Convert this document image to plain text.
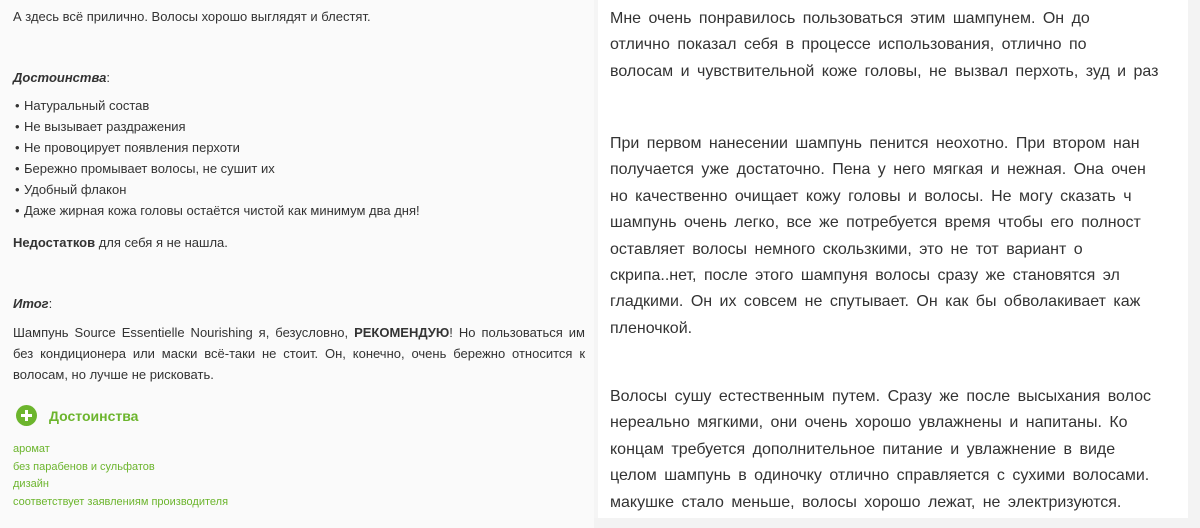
А здесь всё прилично. Волосы хорошо выглядят и блестят.

Достоинства:

• Натуральный состав
• Не вызывает раздражения
• Не провоцирует появления перхоти
• Бережно промывает волосы, не сушит их
• Удобный флакон
• Даже жирная кожа головы остаётся чистой как минимум два дня!

Недостатков для себя я не нашла.

Итог:

Шампунь Source Essentielle Nourishing я, безусловно, РЕКОМЕНДУЮ! Но пользоваться им без кондиционера или маски всё-таки не стоит. Он, конечно, очень бережно относится к волосам, но лучше не рисковать.

Достоинства
аромат
без парабенов и сульфатов
дизайн
соответствует заявлениям производителя

Мне очень понравилось пользоваться этим шампунем. Он до
отлично показал себя в процессе использования, отлично по
волосам и чувствительной коже головы, не вызвал перхоть, зуд и раз

При первом нанесении шампунь пенится неохотно. При втором нан
получается уже достаточно. Пена у него мягкая и нежная. Она очен
но качественно очищает кожу головы и волосы. Не могу сказать ч
шампунь очень легко, все же потребуется время чтобы его полност
оставляет волосы немного скользкими, это не тот вариант о
скрипа..нет, после этого шампуня волосы сразу же становятся эл
гладкими. Он их совсем не спутывает. Он как бы обволакивает каж
пленочкой.

Волосы сушу естественным путем. Сразу же после высыхания волос
нереально мягкими, они очень хорошо увлажнены и напитаны. Ко
концам требуется дополнительное питание и увлажнение в виде
целом шампунь в одиночку отлично справляется с сухими волосами.
макушке стало меньше, волосы хорошо лежат, не электризуются.
